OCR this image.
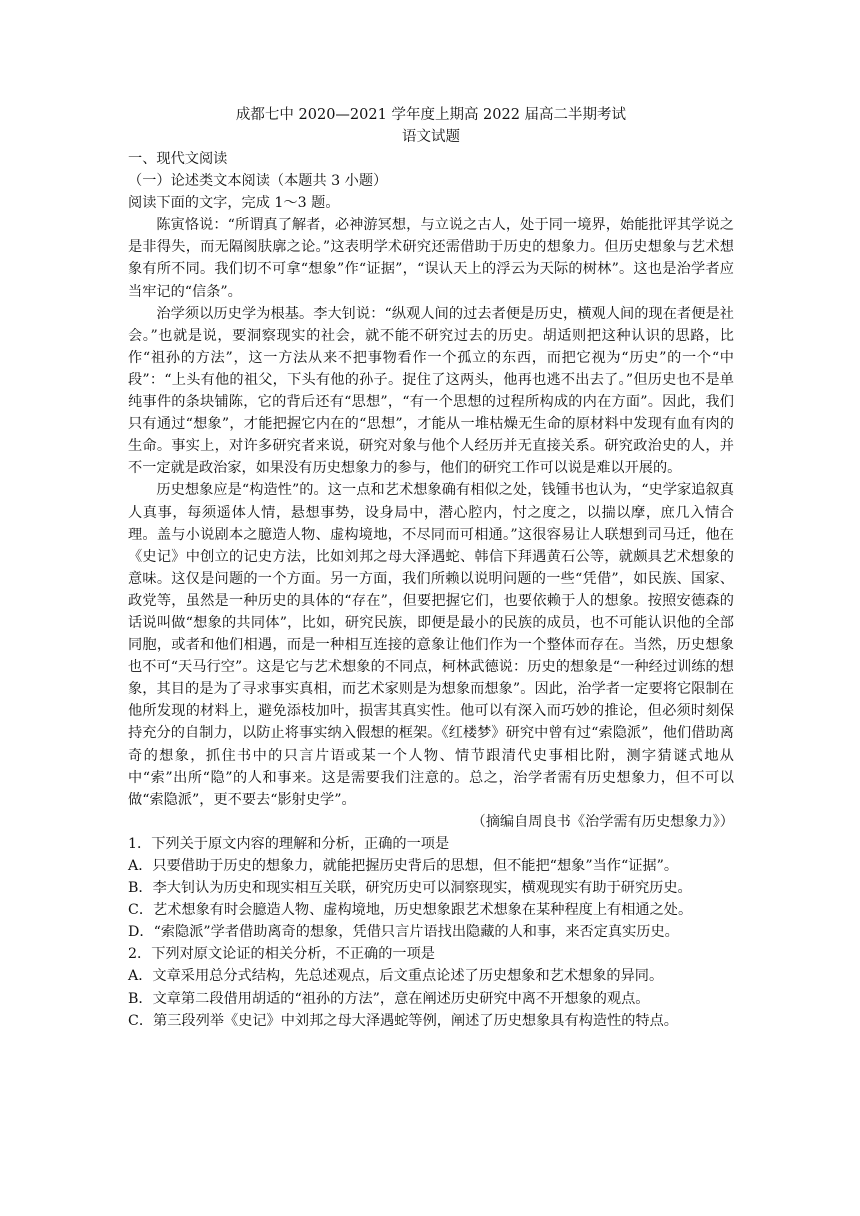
成都七中 2020—2021 学年度上期高 2022 届高二半期考试

语文试题

一、现代文阅读

（一）论述类文本阅读（本题共 3 小题）

阅读下面的文字，完成 1～3 题。

陈寅恪说：“所谓真了解者，必神游冥想，与立说之古人，处于同一境界，始能批评其学说之是非得失，而无隔阂肤廓之论。”这表明学术研究还需借助于历史的想象力。但历史想象与艺术想象有所不同。我们切不可拿“想象”作“证据”，“误认天上的浮云为天际的树林”。这也是治学者应当牢记的“信条”。

治学须以历史学为根基。李大钊说：“纵观人间的过去者便是历史，横观人间的现在者便是社会。”也就是说，要洞察现实的社会，就不能不研究过去的历史。胡适则把这种认识的思路，比作“祖孙的方法”，这一方法从来不把事物看作一个孤立的东西，而把它视为“历史”的一个“中段”：“上头有他的祖父，下头有他的孙子。捉住了这两头，他再也逃不出去了。”但历史也不是单纯事件的条块铺陈，它的背后还有“思想”，“有一个思想的过程所构成的内在方面”。因此，我们只有通过“想象”，才能把握它内在的“思想”，才能从一堆枯燥无生命的原材料中发现有血有肉的生命。事实上，对许多研究者来说，研究对象与他个人经历并无直接关系。研究政治史的人，并不一定就是政治家，如果没有历史想象力的参与，他们的研究工作可以说是难以开展的。

历史想象应是“构造性”的。这一点和艺术想象确有相似之处，钱锺书也认为，“史学家追叙真人真事，每须遥体人情，悬想事势，设身局中，潜心腔内，忖之度之，以揣以摩，庶几入情合理。盖与小说剧本之臆造人物、虚构境地，不尽同而可相通。”这很容易让人联想到司马迁，他在《史记》中创立的记史方法，比如刘邦之母大泽遇蛇、韩信下拜遇黄石公等，就颇具艺术想象的意味。这仅是问题的一个方面。另一方面，我们所赖以说明问题的一些“凭借”，如民族、国家、政党等，虽然是一种历史的具体的“存在”，但要把握它们，也要依赖于人的想象。按照安德森的话说叫做“想象的共同体”，比如，研究民族，即便是最小的民族的成员，也不可能认识他的全部同胞，或者和他们相遇，而是一种相互连接的意象让他们作为一个整体而存在。当然，历史想象也不可“天马行空”。这是它与艺术想象的不同点，柯林武德说：历史的想象是“一种经过训练的想象，其目的是为了寻求事实真相，而艺术家则是为想象而想象”。因此，治学者一定要将它限制在他所发现的材料上，避免添枝加叶，损害其真实性。他可以有深入而巧妙的推论，但必须时刻保持充分的自制力，以防止将事实纳入假想的框架。《红楼梦》研究中曾有过“索隐派”，他们借助离奇的想象，抓住书中的只言片语或某一个人物、情节跟清代史事相比附，测字猜谜式地从中“索”出所“隐”的人和事来。这是需要我们注意的。总之，治学者需有历史想象力，但不可以做“索隐派”，更不要去“影射史学”。

（摘编自周良书《治学需有历史想象力》）

1．下列关于原文内容的理解和分析，正确的一项是

A．只要借助于历史的想象力，就能把握历史背后的思想，但不能把“想象”当作“证据”。

B．李大钊认为历史和现实相互关联，研究历史可以洞察现实，横观现实有助于研究历史。

C．艺术想象有时会臆造人物、虚构境地，历史想象跟艺术想象在某种程度上有相通之处。

D．“索隐派”学者借助离奇的想象，凭借只言片语找出隐藏的人和事，来否定真实历史。

2．下列对原文论证的相关分析，不正确的一项是

A．文章采用总分式结构，先总述观点，后文重点论述了历史想象和艺术想象的异同。

B．文章第二段借用胡适的“祖孙的方法”，意在阐述历史研究中离不开想象的观点。

C．第三段列举《史记》中刘邦之母大泽遇蛇等例，阐述了历史想象具有构造性的特点。
